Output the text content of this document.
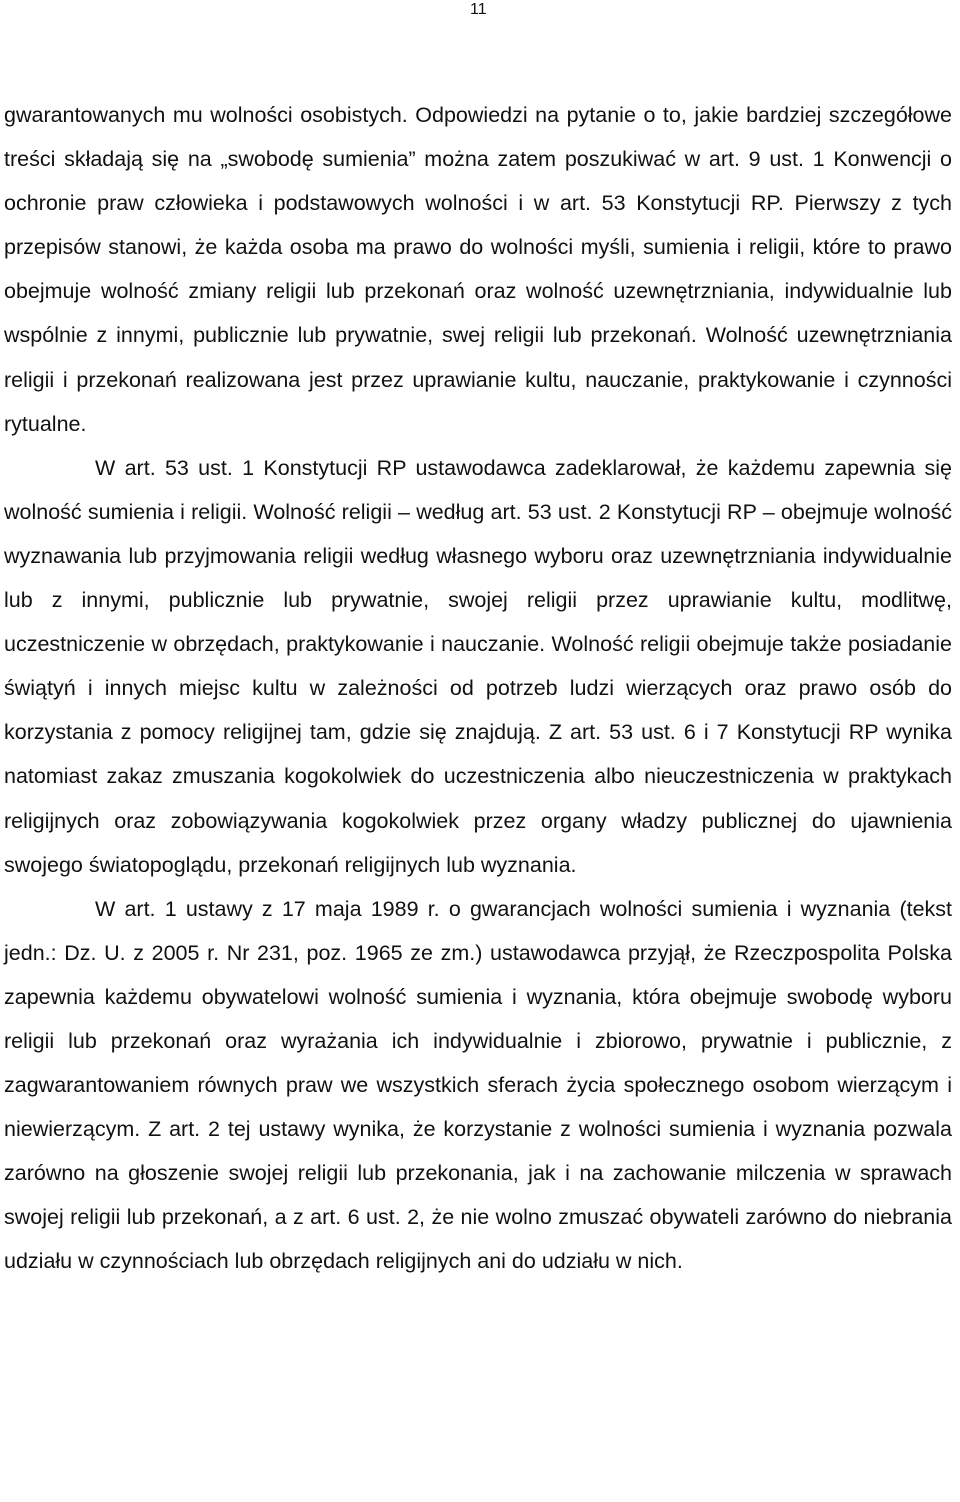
11

gwarantowanych mu wolności osobistych. Odpowiedzi na pytanie o to, jakie bardziej szczegółowe treści składają się na „swobodę sumienia” można zatem poszukiwać w art. 9 ust. 1 Konwencji o ochronie praw człowieka i podstawowych wolności i w art. 53 Konstytucji RP. Pierwszy z tych przepisów stanowi, że każda osoba ma prawo do wolności myśli, sumienia i religii, które to prawo obejmuje wolność zmiany religii lub przekonań oraz wolność uzewnętrzniania, indywidualnie lub wspólnie z innymi, publicznie lub prywatnie, swej religii lub przekonań. Wolność uzewnętrzniania religii i przekonań realizowana jest przez uprawianie kultu, nauczanie, praktykowanie i czynności rytualne.

W art. 53 ust. 1 Konstytucji RP ustawodawca zadeklarował, że każdemu zapewnia się wolność sumienia i religii. Wolność religii – według art. 53 ust. 2 Konstytucji RP – obejmuje wolność wyznawania lub przyjmowania religii według własnego wyboru oraz uzewnętrzniania indywidualnie lub z innymi, publicznie lub prywatnie, swojej religii przez uprawianie kultu, modlitwę, uczestniczenie w obrzędach, praktykowanie i nauczanie. Wolność religii obejmuje także posiadanie świątyń i innych miejsc kultu w zależności od potrzeb ludzi wierzących oraz prawo osób do korzystania z pomocy religijnej tam, gdzie się znajdują. Z art. 53 ust. 6 i 7 Konstytucji RP wynika natomiast zakaz zmuszania kogokolwiek do uczestniczenia albo nieuczestniczenia w praktykach religijnych oraz zobowiązywania kogokolwiek przez organy władzy publicznej do ujawnienia swojego światopoglądu, przekonań religijnych lub wyznania.

W art. 1 ustawy z 17 maja 1989 r. o gwarancjach wolności sumienia i wyznania (tekst jedn.: Dz. U. z 2005 r. Nr 231, poz. 1965 ze zm.) ustawodawca przyjął, że Rzeczpospolita Polska zapewnia każdemu obywatelowi wolność sumienia i wyznania, która obejmuje swobodę wyboru religii lub przekonań oraz wyrażania ich indywidualnie i zbiorowo, prywatnie i publicznie, z zagwarantowaniem równych praw we wszystkich sferach życia społecznego osobom wierzącym i niewierzącym. Z art. 2 tej ustawy wynika, że korzystanie z wolności sumienia i wyznania pozwala zarówno na głoszenie swojej religii lub przekonania, jak i na zachowanie milczenia w sprawach swojej religii lub przekonań, a z art. 6 ust. 2, że nie wolno zmuszać obywateli zarówno do niebrania udziału w czynnościach lub obrzędach religijnych ani do udziału w nich.
